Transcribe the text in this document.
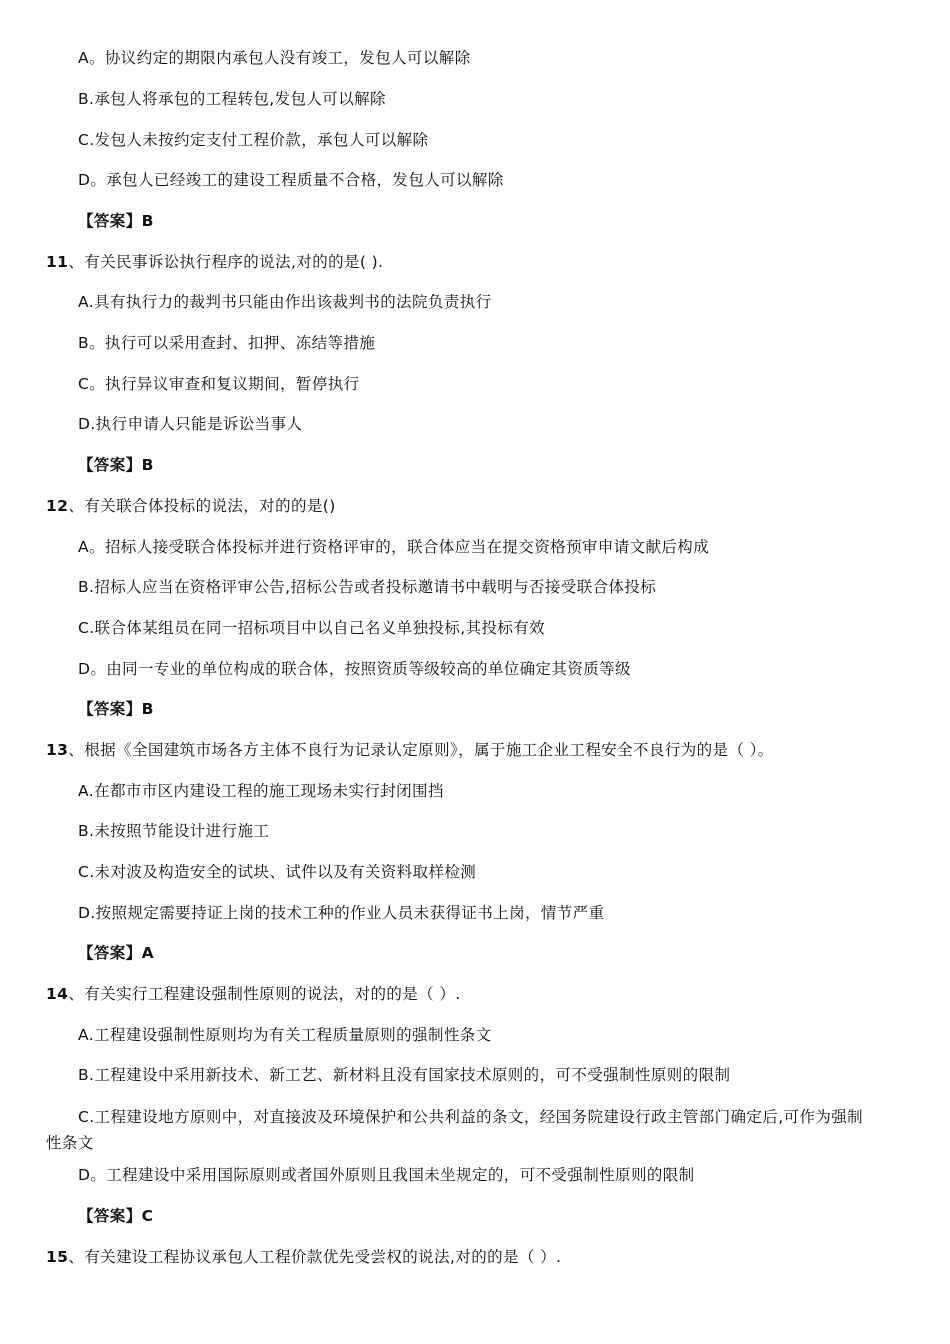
A。协议约定的期限内承包人没有竣工，发包人可以解除
B.承包人将承包的工程转包,发包人可以解除
C.发包人未按约定支付工程价款，承包人可以解除
D。承包人已经竣工的建设工程质量不合格，发包人可以解除
【答案】B
11、有关民事诉讼执行程序的说法,对的的是( ).
A.具有执行力的裁判书只能由作出该裁判书的法院负责执行
B。执行可以采用查封、扣押、冻结等措施
C。执行异议审查和复议期间，暂停执行
D.执行申请人只能是诉讼当事人
【答案】B
12、有关联合体投标的说法，对的的是()
A。招标人接受联合体投标并进行资格评审的，联合体应当在提交资格预审申请文献后构成
B.招标人应当在资格评审公告,招标公告或者投标邀请书中载明与否接受联合体投标
C.联合体某组员在同一招标项目中以自己名义单独投标,其投标有效
D。由同一专业的单位构成的联合体，按照资质等级较高的单位确定其资质等级
【答案】B
13、根据《全国建筑市场各方主体不良行为记录认定原则》，属于施工企业工程安全不良行为的是（ ）。
A.在都市市区内建设工程的施工现场未实行封闭围挡
B.未按照节能设计进行施工
C.未对波及构造安全的试块、试件以及有关资料取样检测
D.按照规定需要持证上岗的技术工种的作业人员未获得证书上岗，情节严重
【答案】A
14、有关实行工程建设强制性原则的说法，对的的是（ ）.
A.工程建设强制性原则均为有关工程质量原则的强制性条文
B.工程建设中采用新技术、新工艺、新材料且没有国家技术原则的，可不受强制性原则的限制
C.工程建设地方原则中，对直接波及环境保护和公共利益的条文，经国务院建设行政主管部门确定后,可作为强制性条文
D。工程建设中采用国际原则或者国外原则且我国未坐规定的，可不受强制性原则的限制
【答案】C
15、有关建设工程协议承包人工程价款优先受尝权的说法,对的的是（ ）.
